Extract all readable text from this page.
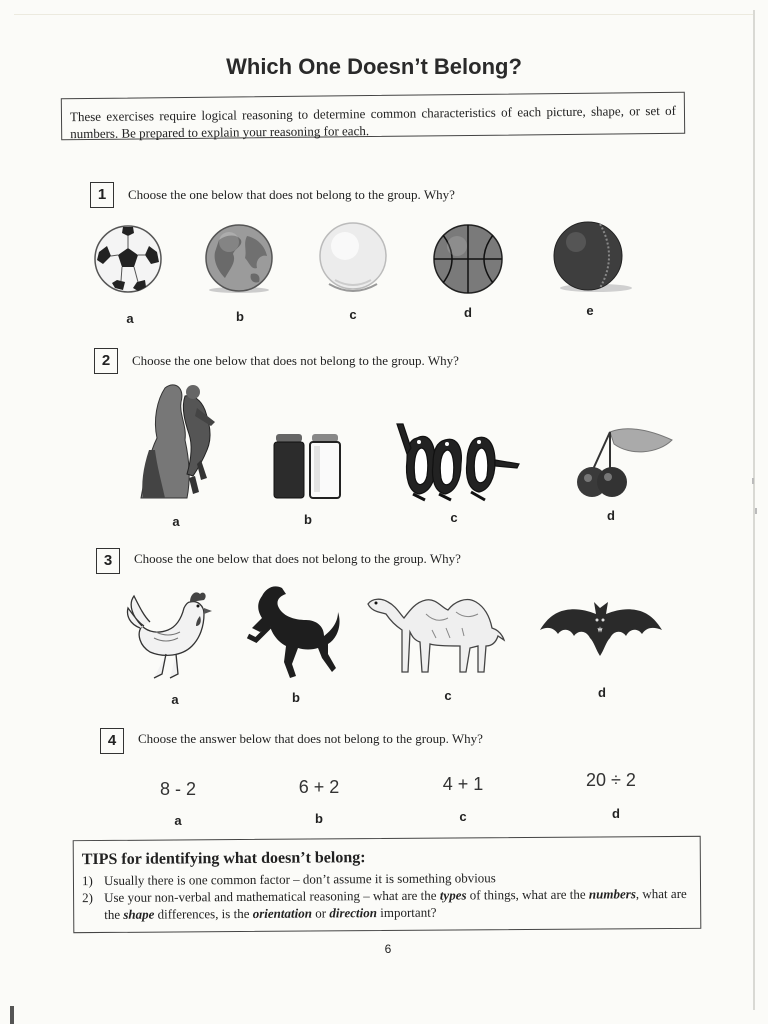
Which One Doesn’t Belong?
These exercises require logical reasoning to determine common characteristics of each picture, shape, or set of numbers. Be prepared to explain your reasoning for each.
1	Choose the one below that does not belong to the group. Why?
a	b	c	d	e
2	Choose the one below that does not belong to the group. Why?
a	b	c	d
3	Choose the one below that does not belong to the group. Why?
a	b	c	d
4	Choose the answer below that does not belong to the group. Why?
8 - 2	6 + 2	4 + 1	20 ÷ 2
a	b	c	d
TIPS for identifying what doesn’t belong:
1) Usually there is one common factor – don’t assume it is something obvious
2) Use your non-verbal and mathematical reasoning – what are the types of things, what are the numbers, what are the shape differences, is the orientation or direction important?
6
